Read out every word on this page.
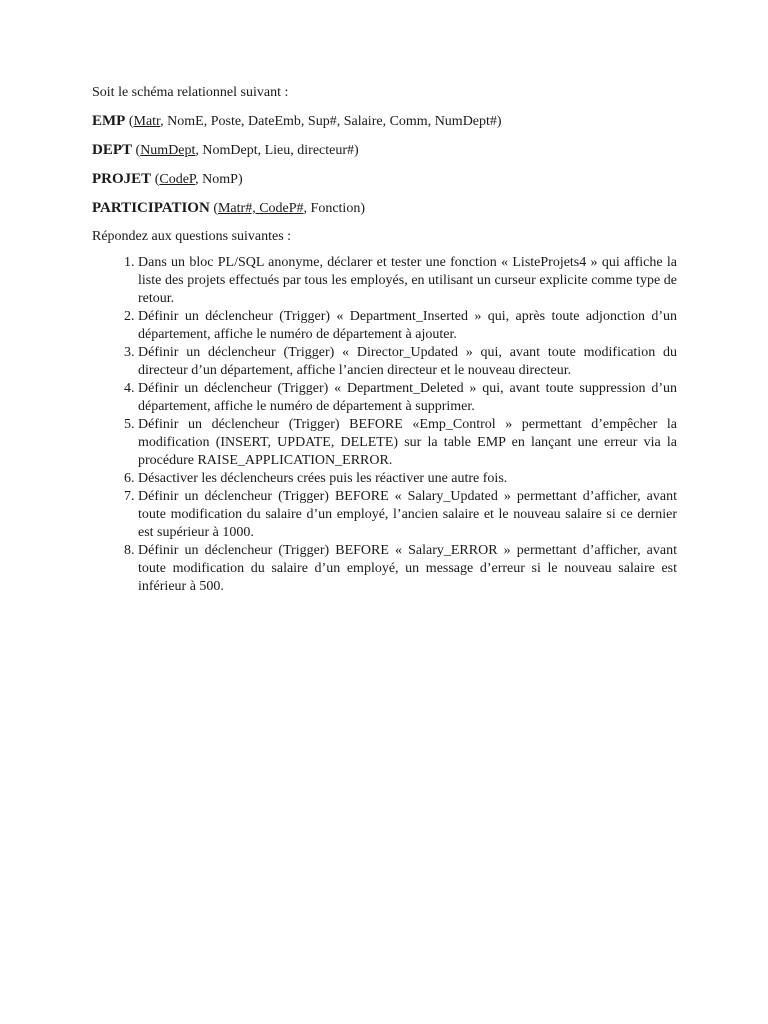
Soit le schéma relationnel suivant :

EMP (Matr, NomE, Poste, DateEmb, Sup#, Salaire, Comm, NumDept#)

DEPT (NumDept, NomDept, Lieu, directeur#)

PROJET (CodeP, NomP)

PARTICIPATION (Matr#, CodeP#, Fonction)

Répondez aux questions suivantes :

1. Dans un bloc PL/SQL anonyme, déclarer et tester une fonction « ListeProjets4 » qui affiche la liste des projets effectués par tous les employés, en utilisant un curseur explicite comme type de retour.
2. Définir un déclencheur (Trigger) « Department_Inserted » qui, après toute adjonction d’un département, affiche le numéro de département à ajouter.
3. Définir un déclencheur (Trigger) « Director_Updated » qui, avant toute modification du directeur d’un département, affiche l’ancien directeur et le nouveau directeur.
4. Définir un déclencheur (Trigger) « Department_Deleted » qui, avant toute suppression d’un département, affiche le numéro de département à supprimer.
5. Définir un déclencheur (Trigger) BEFORE «Emp_Control » permettant d’empêcher la modification (INSERT, UPDATE, DELETE) sur la table EMP en lançant une erreur via la procédure RAISE_APPLICATION_ERROR.
6. Désactiver les déclencheurs crées puis les réactiver une autre fois.
7. Définir un déclencheur (Trigger) BEFORE « Salary_Updated » permettant d’afficher, avant toute modification du salaire d’un employé, l’ancien salaire et le nouveau salaire si ce dernier est supérieur à 1000.
8. Définir un déclencheur (Trigger) BEFORE « Salary_ERROR » permettant d’afficher, avant toute modification du salaire d’un employé, un message d’erreur si le nouveau salaire est inférieur à 500.
